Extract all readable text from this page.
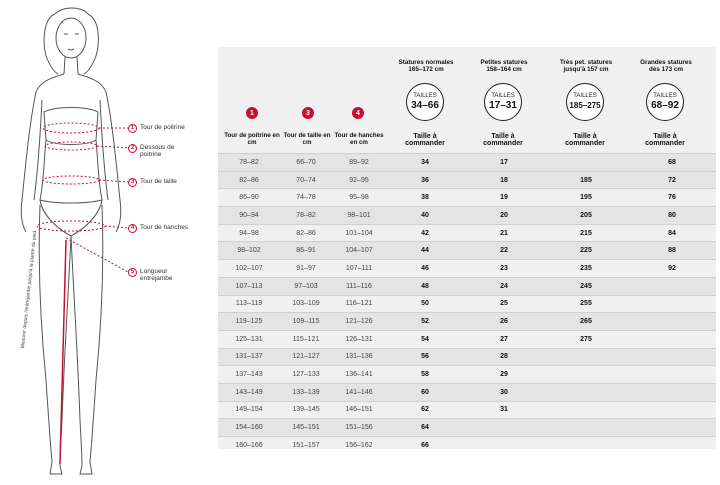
Mesurer depuis l'entrejambe jusqu'à la plante du pied
1 Tour de poitrine
2 Dessous de poitrine
3 Tour de taille
4 Tour de hanches
5 Longueur entrejambe
1	3	4
Tour de poitrine en cm
Tour de taille en cm
Tour de hanches en cm
Statures normales
165–172 cm
TAILLES
34–66
Taille à commander
Petites statures
158–164 cm
TAILLES
17–31
Taille à commander
Très pet. statures
jusqu'à 157 cm
TAILLES
185–275
Taille à commander
Grandes statures
dès 173 cm
TAILLES
68–92
Taille à commander
78–82	66–70	89–92	34	17		68
82–86	70–74	92–95	36	18	185	72
86–90	74–78	95–98	38	19	195	76
90–94	78–82	98–101	40	20	205	80
94–98	82–86	101–104	42	21	215	84
98–102	86–91	104–107	44	22	225	88
102–107	91–97	107–111	46	23	235	92
107–113	97–103	111–116	48	24	245	
113–119	103–109	116–121	50	25	255	
119–125	109–115	121–126	52	26	265	
125–131	115–121	126–131	54	27	275	
131–137	121–127	131–136	56	28		
137–143	127–133	136–141	58	29		
143–149	133–139	141–146	60	30		
149–154	139–145	146–151	62	31		
154–160	145–151	151–156	64			
160–166	151–157	156–162	66			
